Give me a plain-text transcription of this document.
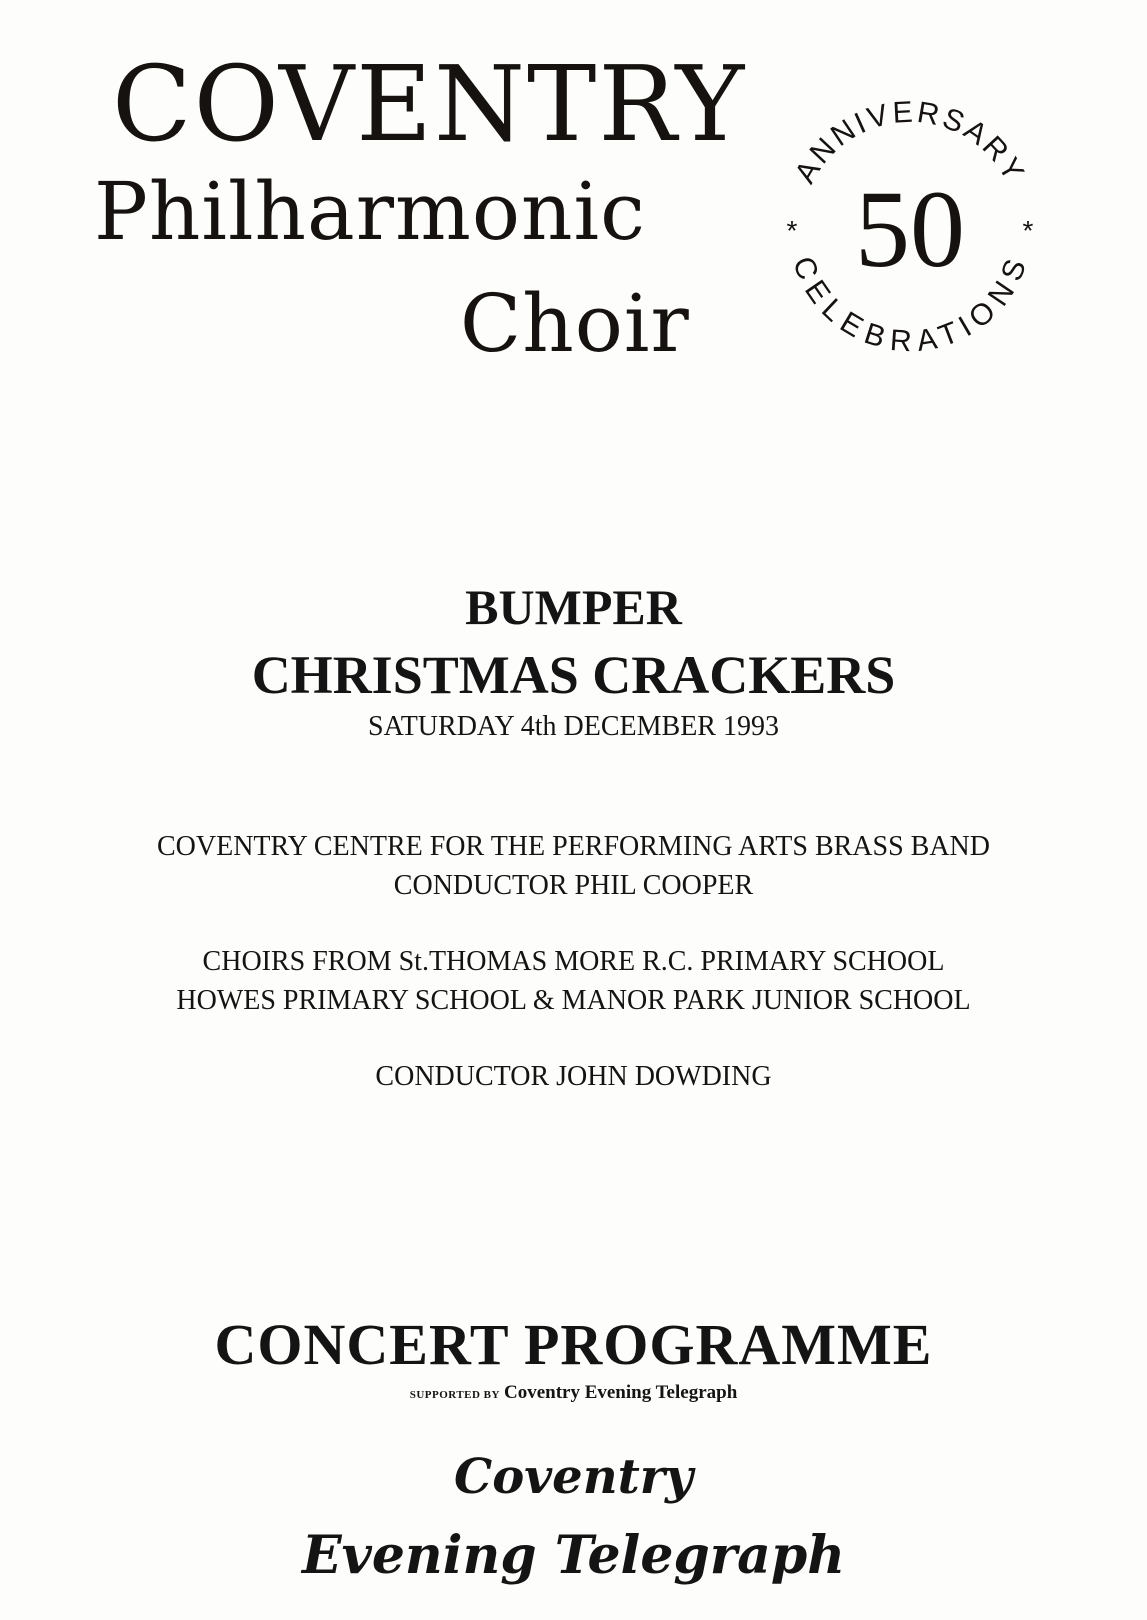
COVENTRY
Philharmonic
Choir
ANNIVERSARY
CELEBRATIONS
50
*	*
BUMPER
CHRISTMAS CRACKERS

SATURDAY 4th DECEMBER 1993

COVENTRY CENTRE FOR THE PERFORMING ARTS BRASS BAND

CONDUCTOR PHIL COOPER

CHOIRS FROM St.THOMAS MORE R.C. PRIMARY SCHOOL

HOWES PRIMARY SCHOOL & MANOR PARK JUNIOR SCHOOL

CONDUCTOR JOHN DOWDING

CONCERT PROGRAMME

SUPPORTED BY Coventry Evening Telegraph

Coventry

Evening Telegraph
